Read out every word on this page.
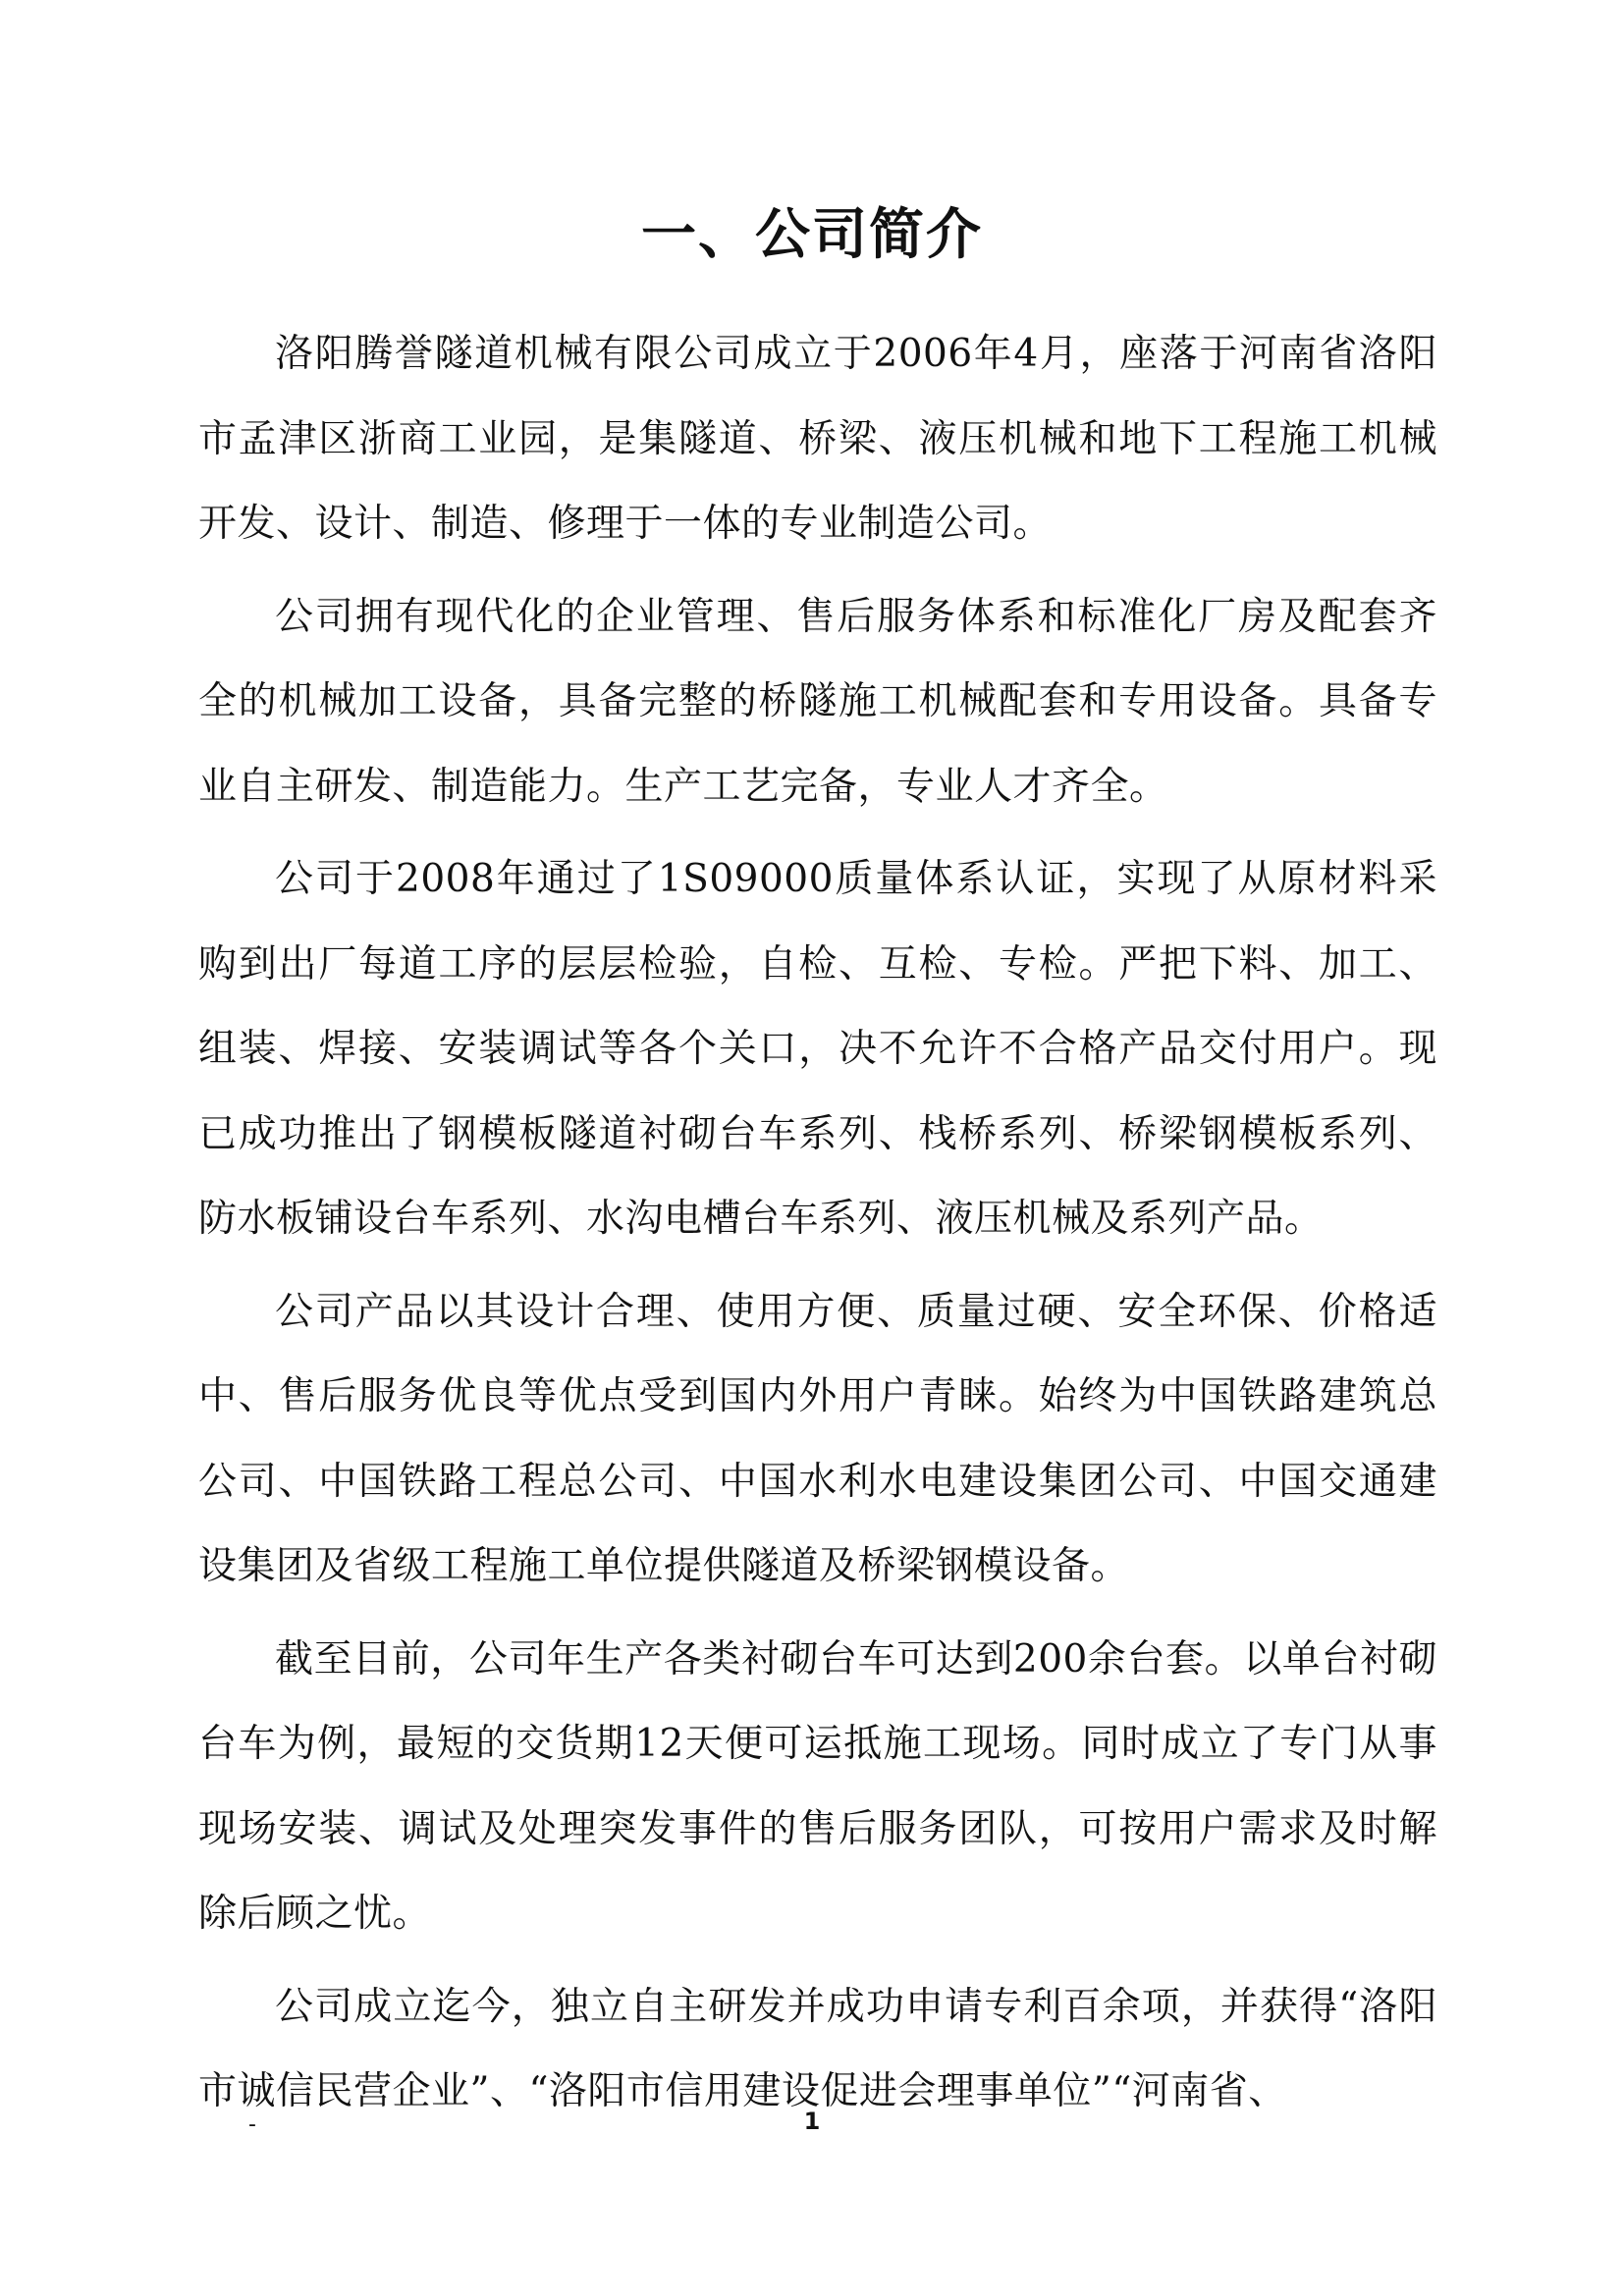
一、公司简介

洛阳腾誉隧道机械有限公司成立于2006年4月，座落于河南省洛阳市孟津区浙商工业园，是集隧道、桥梁、液压机械和地下工程施工机械开发、设计、制造、修理于一体的专业制造公司。

公司拥有现代化的企业管理、售后服务体系和标准化厂房及配套齐全的机械加工设备，具备完整的桥隧施工机械配套和专用设备。具备专业自主研发、制造能力。生产工艺完备，专业人才齐全。

公司于2008年通过了1S09000质量体系认证，实现了从原材料采购到出厂每道工序的层层检验，自检、互检、专检。严把下料、加工、组装、焊接、安装调试等各个关口，决不允许不合格产品交付用户。现已成功推出了钢模板隧道衬砌台车系列、栈桥系列、桥梁钢模板系列、防水板铺设台车系列、水沟电槽台车系列、液压机械及系列产品。

公司产品以其设计合理、使用方便、质量过硬、安全环保、价格适中、售后服务优良等优点受到国内外用户青睐。始终为中国铁路建筑总公司、中国铁路工程总公司、中国水利水电建设集团公司、中国交通建设集团及省级工程施工单位提供隧道及桥梁钢模设备。

截至目前，公司年生产各类衬砌台车可达到200余台套。以单台衬砌台车为例，最短的交货期12天便可运抵施工现场。同时成立了专门从事现场安装、调试及处理突发事件的售后服务团队，可按用户需求及时解除后顾之忧。

公司成立迄今，独立自主研发并成功申请专利百余项，并获得“洛阳市诚信民营企业”、“洛阳市信用建设促进会理事单位”“河南省、

-	1
